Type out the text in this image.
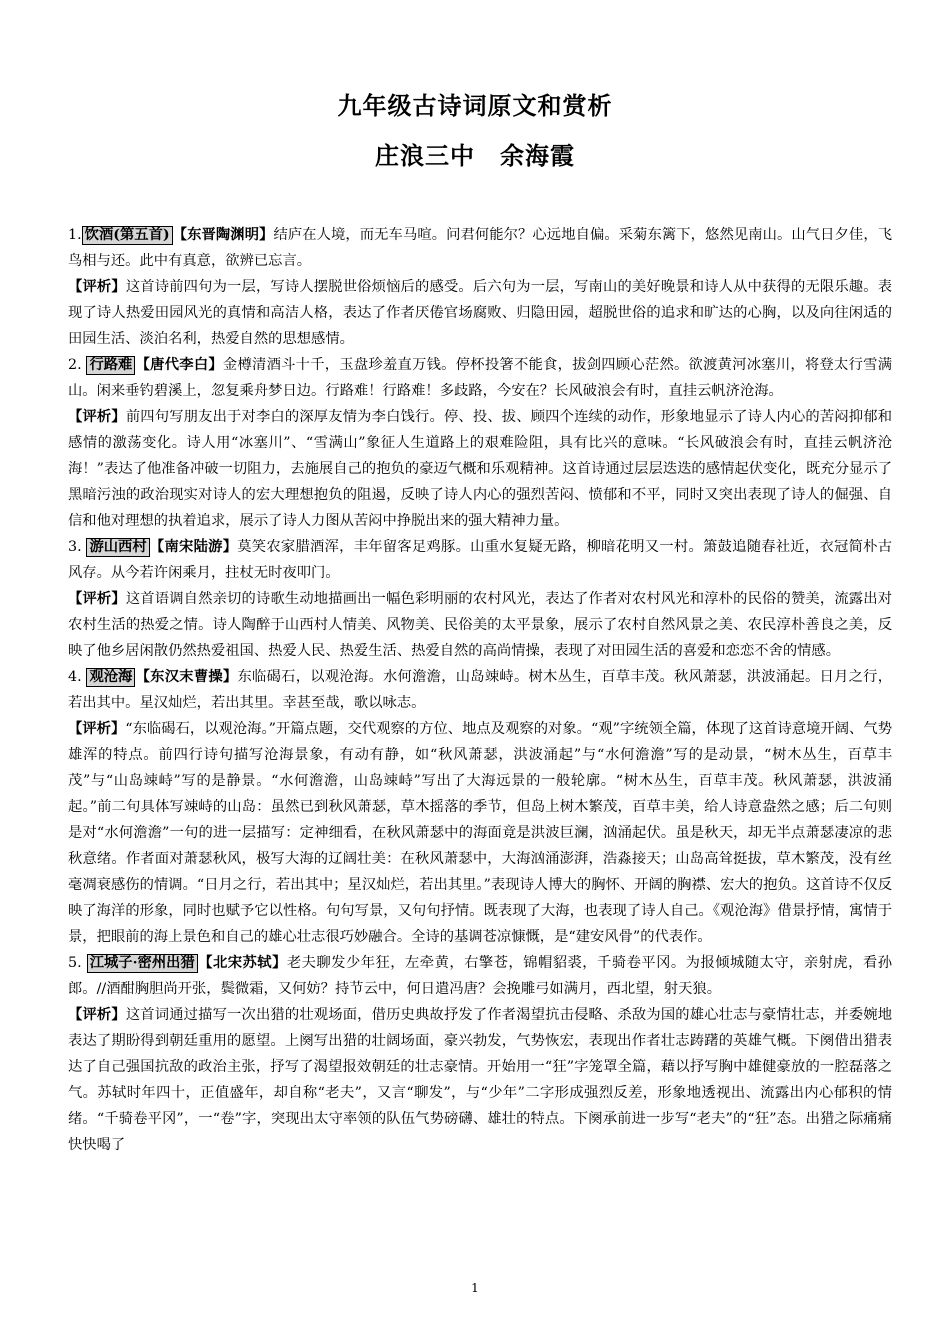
九年级古诗词原文和赏析
庄浪三中　余海霞

1. 饮酒(第五首) 【东晋陶渊明】结庐在人境，而无车马喧。问君何能尔？心远地自偏。采菊东篱下，悠然见南山。山气日夕佳，飞鸟相与还。此中有真意，欲辨已忘言。

【评析】这首诗前四句为一层，写诗人摆脱世俗烦恼后的感受。后六句为一层，写南山的美好晚景和诗人从中获得的无限乐趣。表现了诗人热爱田园风光的真情和高洁人格，表达了作者厌倦官场腐败、归隐田园，超脱世俗的追求和旷达的心胸，以及向往闲适的田园生活、淡泊名利，热爱自然的思想感情。

2. 行路难 【唐代李白】金樽清酒斗十千，玉盘珍羞直万钱。停杯投箸不能食，拔剑四顾心茫然。欲渡黄河冰塞川，将登太行雪满山。闲来垂钓碧溪上，忽复乘舟梦日边。行路难！行路难！多歧路，今安在？长风破浪会有时，直挂云帆济沧海。

【评析】前四句写朋友出于对李白的深厚友情为李白饯行。停、投、拔、顾四个连续的动作，形象地显示了诗人内心的苦闷抑郁和感情的激荡变化。诗人用“冰塞川”、“雪满山”象征人生道路上的艰难险阻，具有比兴的意味。“长风破浪会有时，直挂云帆济沧海！”表达了他准备冲破一切阻力，去施展自己的抱负的豪迈气概和乐观精神。这首诗通过层层迭迭的感情起伏变化，既充分显示了黑暗污浊的政治现实对诗人的宏大理想抱负的阻遏，反映了诗人内心的强烈苦闷、愤郁和不平，同时又突出表现了诗人的倔强、自信和他对理想的执着追求，展示了诗人力图从苦闷中挣脱出来的强大精神力量。

3. 游山西村 【南宋陆游】莫笑农家腊酒浑，丰年留客足鸡豚。山重水复疑无路，柳暗花明又一村。箫鼓追随春社近，衣冠简朴古风存。从今若许闲乘月，拄杖无时夜叩门。

【评析】这首语调自然亲切的诗歌生动地描画出一幅色彩明丽的农村风光，表达了作者对农村风光和淳朴的民俗的赞美，流露出对农村生活的热爱之情。诗人陶醉于山西村人情美、风物美、民俗美的太平景象，展示了农村自然风景之美、农民淳朴善良之美，反映了他乡居闲散仍然热爱祖国、热爱人民、热爱生活、热爱自然的高尚情操，表现了对田园生活的喜爱和恋恋不舍的情感。

4. 观沧海 【东汉末曹操】东临碣石，以观沧海。水何澹澹，山岛竦峙。树木丛生，百草丰茂。秋风萧瑟，洪波涌起。日月之行，若出其中。星汉灿烂，若出其里。幸甚至哉，歌以咏志。

【评析】“东临碣石，以观沧海。”开篇点题，交代观察的方位、地点及观察的对象。“观”字统领全篇，体现了这首诗意境开阔、气势雄浑的特点。前四行诗句描写沧海景象，有动有静，如“秋风萧瑟，洪波涌起”与“水何澹澹”写的是动景，“树木丛生，百草丰茂”与“山岛竦峙”写的是静景。“水何澹澹，山岛竦峙”写出了大海远景的一般轮廓。“树木丛生，百草丰茂。秋风萧瑟，洪波涌起。”前二句具体写竦峙的山岛：虽然已到秋风萧瑟，草木摇落的季节，但岛上树木繁茂，百草丰美，给人诗意盎然之感；后二句则是对“水何澹澹”一句的进一层描写：定神细看，在秋风萧瑟中的海面竟是洪波巨澜，汹涌起伏。虽是秋天，却无半点萧瑟凄凉的悲秋意绪。作者面对萧瑟秋风，极写大海的辽阔壮美：在秋风萧瑟中，大海汹涌澎湃，浩淼接天；山岛高耸挺拔，草木繁茂，没有丝毫凋衰感伤的情调。“日月之行，若出其中；星汉灿烂，若出其里。”表现诗人博大的胸怀、开阔的胸襟、宏大的抱负。这首诗不仅反映了海洋的形象，同时也赋予它以性格。句句写景，又句句抒情。既表现了大海，也表现了诗人自己。《观沧海》借景抒情，寓情于景，把眼前的海上景色和自己的雄心壮志很巧妙融合。全诗的基调苍凉慷慨，是“建安风骨”的代表作。

5. 江城子·密州出猎 【北宋苏轼】老夫聊发少年狂，左牵黄，右擎苍，锦帽貂裘，千骑卷平冈。为报倾城随太守，亲射虎，看孙郎。//酒酣胸胆尚开张，鬓微霜，又何妨？持节云中，何日遣冯唐？会挽雕弓如满月，西北望，射天狼。

【评析】这首词通过描写一次出猎的壮观场面，借历史典故抒发了作者渴望抗击侵略、杀敌为国的雄心壮志与豪情壮志，并委婉地表达了期盼得到朝廷重用的愿望。上阕写出猎的壮阔场面，豪兴勃发，气势恢宏，表现出作者壮志踌躇的英雄气概。下阕借出猎表达了自己强国抗敌的政治主张，抒写了渴望报效朝廷的壮志豪情。开始用一“狂”字笼罩全篇，藉以抒写胸中雄健豪放的一腔磊落之气。苏轼时年四十，正值盛年，却自称“老夫”，又言“聊发”，与“少年”二字形成强烈反差，形象地透视出、流露出内心郁积的情绪。“千骑卷平冈”，一“卷”字，突现出太守率领的队伍气势磅礴、雄壮的特点。下阕承前进一步写“老夫”的“狂”态。出猎之际痛痛快快喝了

1
